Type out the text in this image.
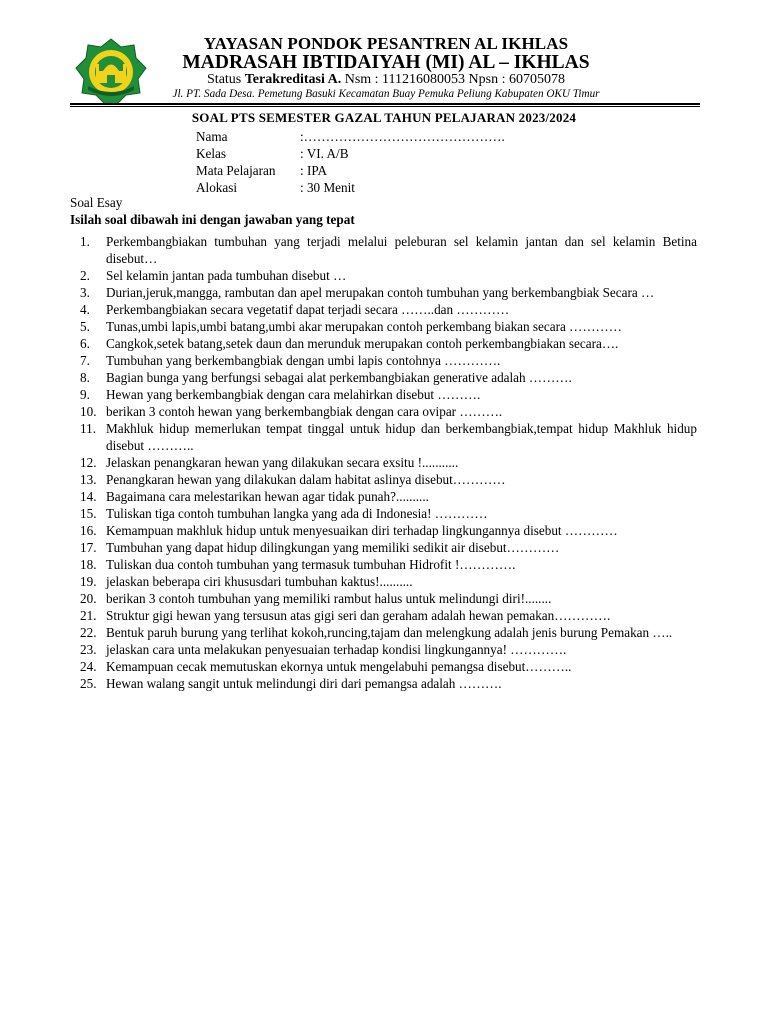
YAYASAN PONDOK PESANTREN AL IKHLAS
MADRASAH IBTIDAIYAH (MI) AL – IKHLAS
Status Terakreditasi A. Nsm : 111216080053 Npsn : 60705078
Jl. PT. Sada Desa. Pemetung Basuki Kecamatan Buay Pemuka Peliung Kabupaten OKU Timur
SOAL PTS SEMESTER GAZAL TAHUN PELAJARAN 2023/2024
Nama	:……………………………………….
Kelas	: VI. A/B
Mata Pelajaran	: IPA
Alokasi	: 30 Menit
Soal Esay
Isilah soal dibawah ini dengan jawaban yang tepat
1.	Perkembangbiakan tumbuhan yang terjadi melalui peleburan sel kelamin jantan dan sel kelamin Betina disebut…
2.	Sel kelamin jantan pada tumbuhan disebut …
3.	Durian,jeruk,mangga, rambutan dan apel merupakan contoh tumbuhan yang berkembangbiak Secara …
4.	Perkembangbiakan secara vegetatif dapat terjadi secara ……..dan …………
5.	Tunas,umbi lapis,umbi batang,umbi akar merupakan contoh perkembang biakan secara …………
6.	Cangkok,setek batang,setek daun dan merunduk merupakan contoh perkembangbiakan secara….
7.	Tumbuhan yang berkembangbiak dengan umbi lapis contohnya ………….
8.	Bagian bunga yang berfungsi sebagai alat perkembangbiakan generative adalah ……….
9.	Hewan yang berkembangbiak dengan cara melahirkan disebut ……….
10. berikan 3 contoh hewan yang berkembangbiak dengan cara ovipar ……….
11. Makhluk hidup memerlukan tempat tinggal untuk hidup dan berkembangbiak,tempat hidup Makhluk hidup disebut ………..
12. Jelaskan penangkaran hewan yang dilakukan secara exsitu !...........
13. Penangkaran hewan yang dilakukan dalam habitat aslinya disebut…………
14. Bagaimana cara melestarikan hewan agar tidak punah?..........
15. Tuliskan tiga contoh tumbuhan langka yang ada di Indonesia! …………
16. Kemampuan makhluk hidup untuk menyesuaikan diri terhadap lingkungannya disebut …………
17. Tumbuhan yang dapat hidup dilingkungan yang memiliki sedikit air disebut…………
18. Tuliskan dua contoh tumbuhan yang termasuk tumbuhan Hidrofit !………….
19. jelaskan beberapa ciri khususdari tumbuhan kaktus!..........
20. berikan 3 contoh tumbuhan yang memiliki rambut halus untuk melindungi diri!........
21. Struktur gigi hewan yang tersusun atas gigi seri dan geraham adalah hewan pemakan………….
22. Bentuk paruh burung yang terlihat kokoh,runcing,tajam dan melengkung adalah jenis burung Pemakan …..
23. jelaskan cara unta melakukan penyesuaian terhadap kondisi lingkungannya! ………….
24. Kemampuan cecak memutuskan ekornya untuk mengelabuhi pemangsa disebut………..
25. Hewan walang sangit untuk melindungi diri dari pemangsa adalah ……….
